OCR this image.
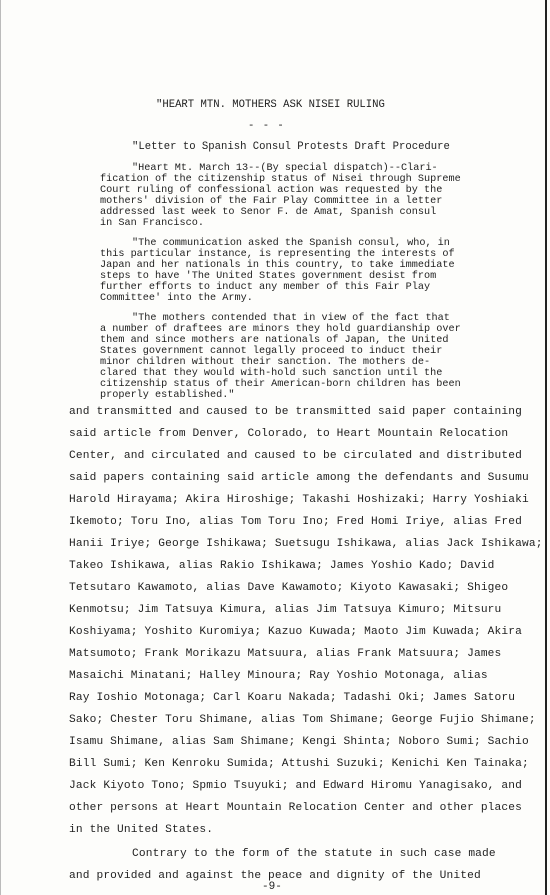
"HEART MTN. MOTHERS ASK NISEI RULING
- - -
"Letter to Spanish Consul Protests Draft Procedure
"Heart Mt. March 13--(By special dispatch)--Clari-
fication of the citizenship status of Nisei through Supreme
Court ruling of confessional action was requested by the
mothers' division of the Fair Play Committee in a letter
addressed last week to Senor F. de Amat, Spanish consul
in San Francisco.
"The communication asked the Spanish consul, who, in
this particular instance, is representing the interests of
Japan and her nationals in this country, to take immediate
steps to have 'The United States government desist from
further efforts to induct any member of this Fair Play
Committee' into the Army.
"The mothers contended that in view of the fact that
a number of draftees are minors they hold guardianship over
them and since mothers are nationals of Japan, the United
States government cannot legally proceed to induct their
minor children without their sanction. The mothers de-
clared that they would with-hold such sanction until the
citizenship status of their American-born children has been
properly established."
and transmitted and caused to be transmitted said paper containing
said article from Denver, Colorado, to Heart Mountain Relocation
Center, and circulated and caused to be circulated and distributed
said papers containing said article among the defendants and Susumu
Harold Hirayama; Akira Hiroshige; Takashi Hoshizaki; Harry Yoshiaki
Ikemoto; Toru Ino, alias Tom Toru Ino; Fred Homi Iriye, alias Fred
Hanii Iriye; George Ishikawa; Suetsugu Ishikawa, alias Jack Ishikawa;
Takeo Ishikawa, alias Rakio Ishikawa; James Yoshio Kado; David
Tetsutaro Kawamoto, alias Dave Kawamoto; Kiyoto Kawasaki; Shigeo
Kenmotsu; Jim Tatsuya Kimura, alias Jim Tatsuya Kimuro; Mitsuru
Koshiyama; Yoshito Kuromiya; Kazuo Kuwada; Maoto Jim Kuwada; Akira
Matsumoto; Frank Morikazu Matsuura, alias Frank Matsuura; James
Masaichi Minatani; Halley Minoura; Ray Yoshio Motonaga, alias
Ray Ioshio Motonaga; Carl Koaru Nakada; Tadashi Oki; James Satoru
Sako; Chester Toru Shimane, alias Tom Shimane; George Fujio Shimane;
Isamu Shimane, alias Sam Shimane; Kengi Shinta; Noboro Sumi; Sachio
Bill Sumi; Ken Kenroku Sumida; Attushi Suzuki; Kenichi Ken Tainaka;
Jack Kiyoto Tono; Spmio Tsuyuki; and Edward Hiromu Yanagisako, and
other persons at Heart Mountain Relocation Center and other places
in the United States.
Contrary to the form of the statute in such case made
and provided and against the peace and dignity of the United
-9-
